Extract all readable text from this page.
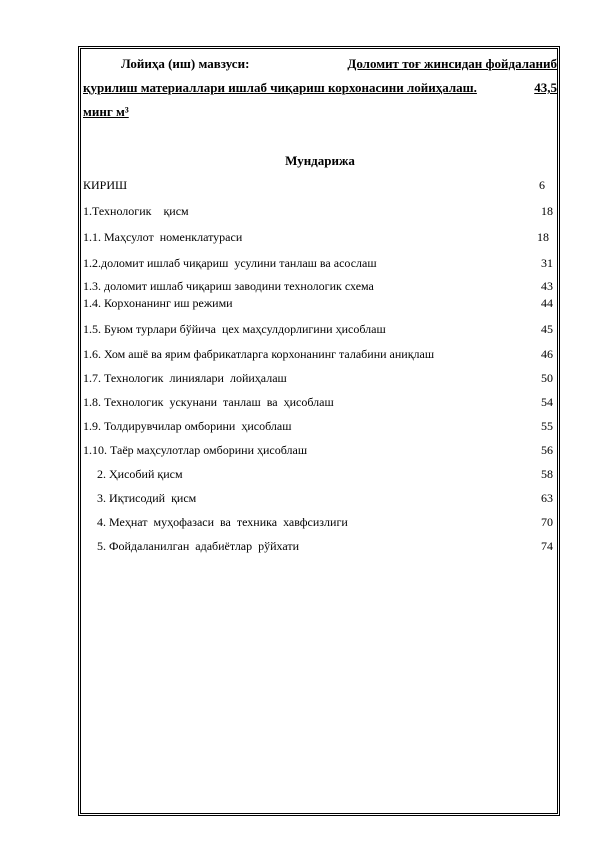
Лойиҳа (иш) мавзуси:	Доломит тоғ жинсидан фойдаланиб
қурилиш материаллари ишлаб чиқариш корхонасини лойиҳалаш.	43,5
минг м³
Мундарижа
КИРИШ	6
1.Технологик    қисм	18
1.1. Маҳсулот  номенклатураси	18
1.2.доломит ишлаб чиқариш  усулини танлаш ва асослаш	31
1.3. доломит ишлаб чиқариш заводини технологик схема	43
1.4. Корхонанинг иш режими	44
1.5. Буюм турлари бўйича  цех маҳсулдорлигини ҳисоблаш	45
1.6. Хом ашё ва ярим фабрикатларга корхонанинг талабини аниқлаш	46
1.7. Технологик  линиялари  лойиҳалаш	50
1.8. Технологик  ускунани  танлаш  ва  ҳисоблаш	54
1.9. Толдирувчилар омборини  ҳисоблаш	55
1.10. Таёр маҳсулотлар омборини ҳисоблаш	56
2. Ҳисобий қисм	58
3. Иқтисодий  қисм	63
4. Меҳнат  муҳофазаси  ва  техника  хавфсизлиги	70
5. Фойдаланилган  адабиётлар  рўйхати	74
